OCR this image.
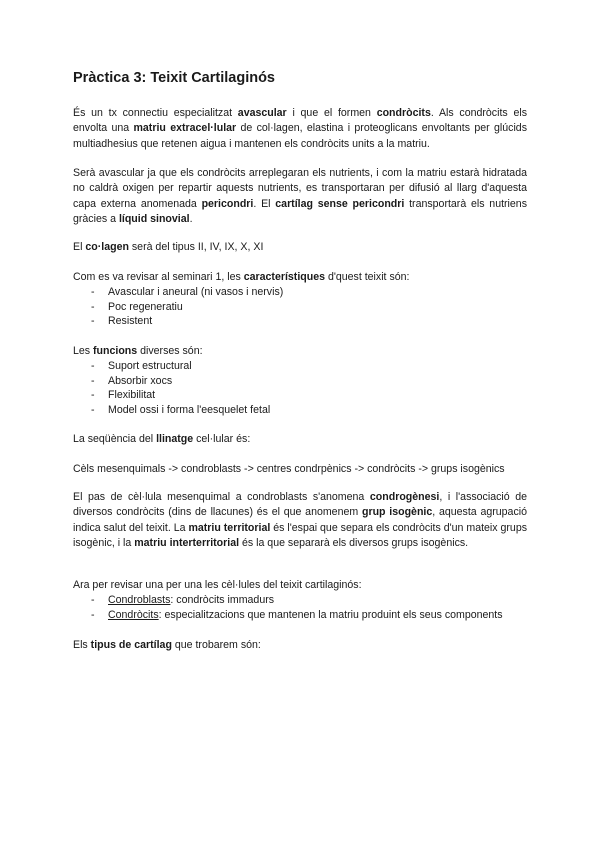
Pràctica 3: Teixit Cartilaginós

És un tx connectiu especialitzat avascular i que el formen condròcits. Als condròcits els envolta una matriu extracel·lular de col·lagen, elastina i proteoglicans envoltants per glúcids multiadhesius que retenen aigua i mantenen els condròcits units a la matriu.

Serà avascular ja que els condròcits arreplegaran els nutrients, i com la matriu estarà hidratada no caldrà oxigen per repartir aquests nutrients, es transportaran per difusió al llarg d'aquesta capa externa anomenada pericondri. El cartílag sense pericondri transportarà els nutriens gràcies a líquid sinovial.

El co·lagen serà del tipus II, IV, IX, X, XI

Com es va revisar al seminari 1, les característiques d'quest teixit són:

- Avascular i aneural (ni vasos i nervis)
- Poc regeneratiu
- Resistent

Les funcions diverses són:

- Suport estructural
- Absorbir xocs
- Flexibilitat
- Model ossi i forma l'eesquelet fetal

La seqüència del llinatge cel·lular és:

Cèls mesenquimals -> condroblasts -> centres condrpènics -> condròcits -> grups isogènics

El pas de cèl·lula mesenquimal a condroblasts s'anomena condrogènesi, i l'associació de diversos condròcits (dins de llacunes) és el que anomenem grup isogènic, aquesta agrupació indica salut del teixit. La matriu territorial és l'espai que separa els condròcits d'un mateix grups isogènic, i la matriu interterritorial és la que separarà els diversos grups isogènics.

Ara per revisar una per una les cèl·lules del teixit cartilaginós:

- Condroblasts: condròcits immadurs
- Condròcits: especialitzacions que mantenen la matriu produint els seus components

Els tipus de cartílag que trobarem són:
